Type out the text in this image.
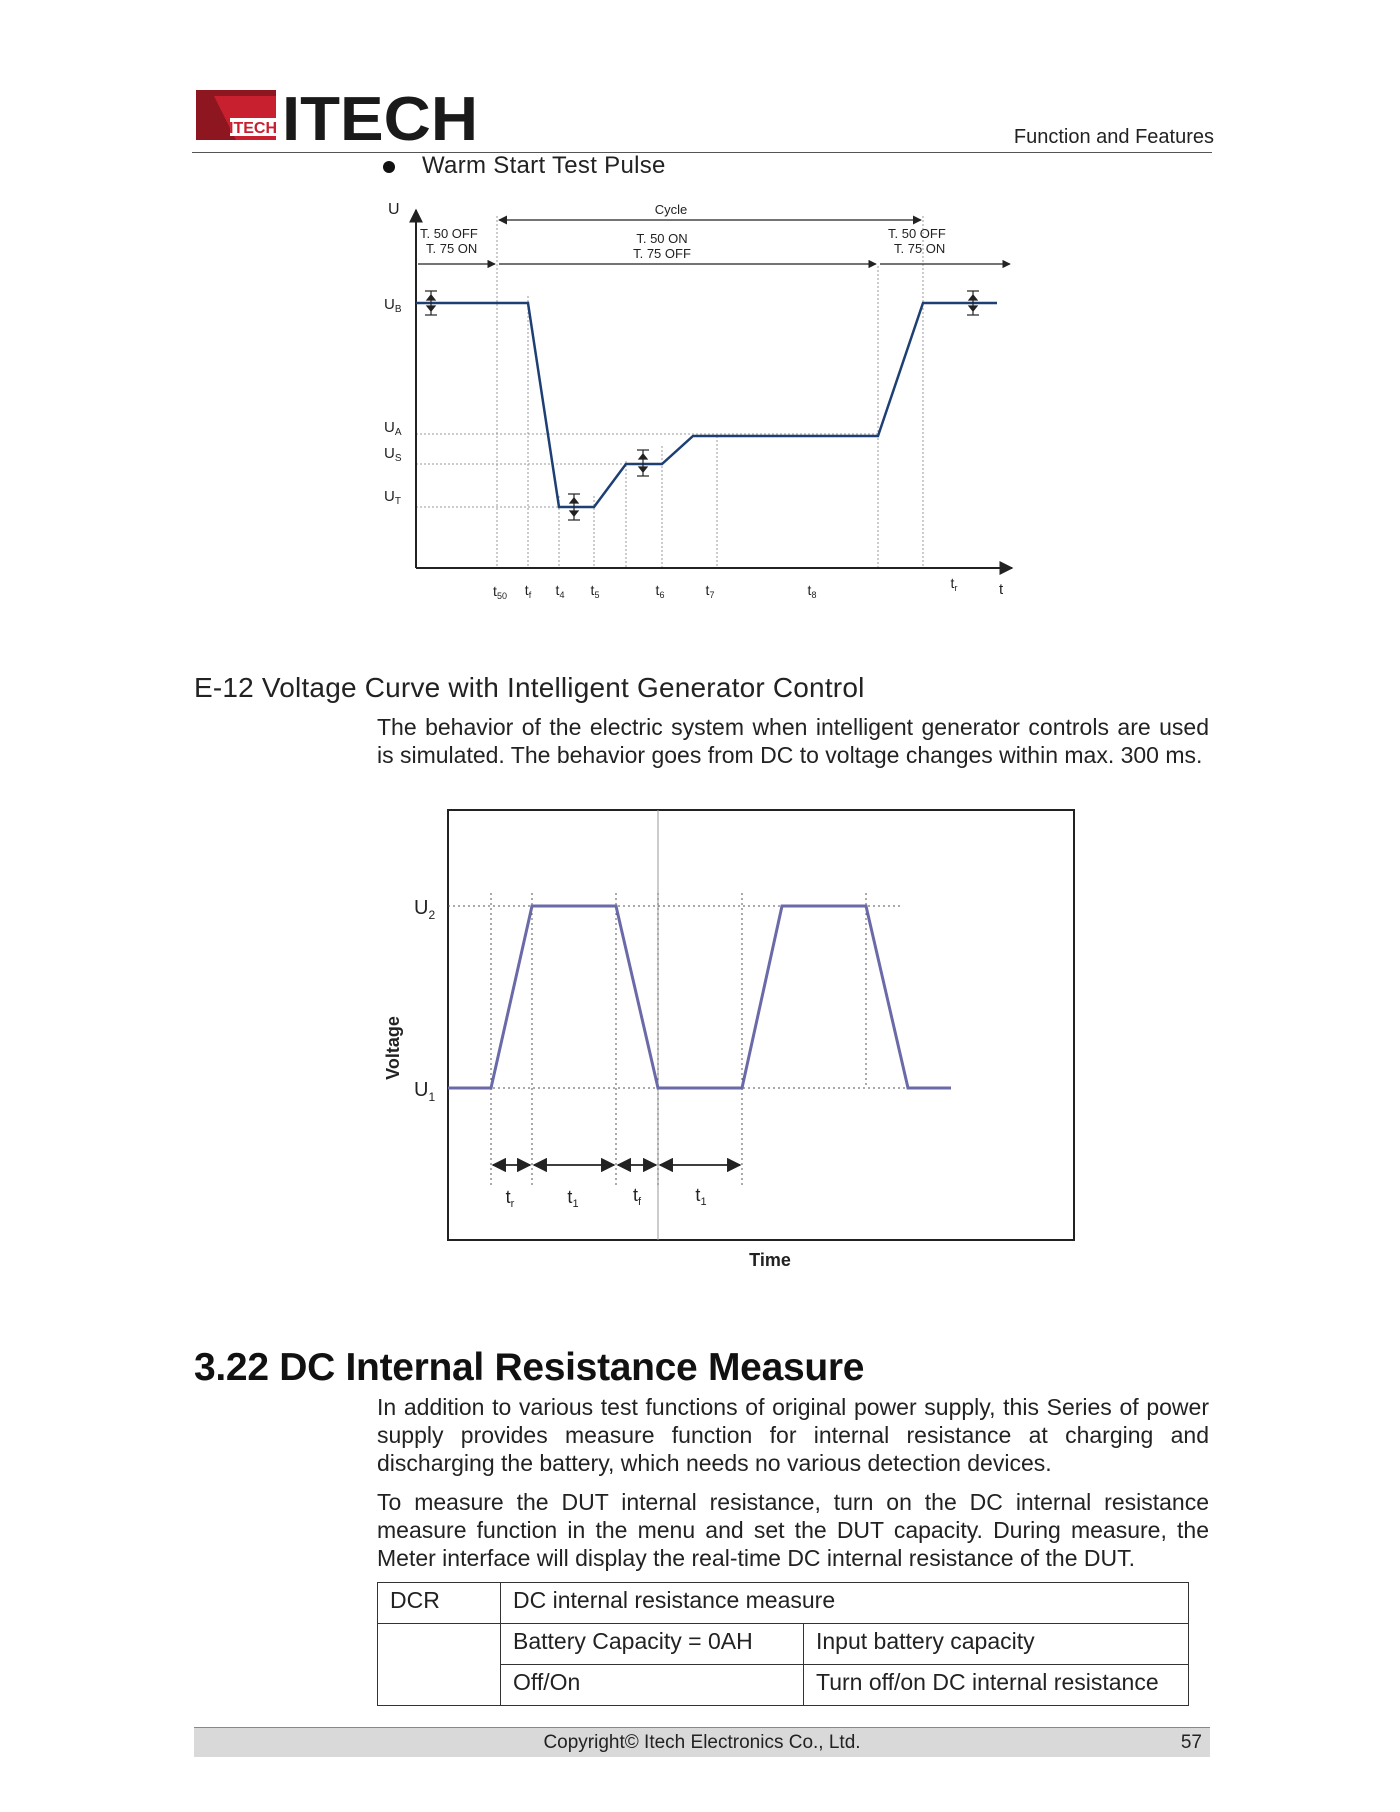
ITECH ITECH	Function and Features
Warm Start Test Pulse
U
t
Cycle
T. 50 OFF
T. 75 ON
T. 50 ON
T. 75 OFF
T. 50 OFF
T. 75 ON
$U_B$
$U_A$
$U_S$
$U_T$
$t_{50}$ $t_f$ $t_4$ $t_5$	$t_6$	$t_7$	$t_8$
$t_r$
E-12 Voltage Curve with Intelligent Generator Control
The behavior of the electric system when intelligent generator controls are used is simulated. The behavior goes from DC to voltage changes within max. 300 ms.
$t_r$	$t_1$	$t_f$	$t_1$
$U_2$
$U_1$
Voltage
Time
3.22 DC Internal Resistance Measure
In addition to various test functions of original power supply, this Series of power supply provides measure function for internal resistance at charging and discharging the battery, which needs no various detection devices.
To measure the DUT internal resistance, turn on the DC internal resistance measure function in the menu and set the DUT capacity. During measure, the Meter interface will display the real-time DC internal resistance of the DUT.
DCR	DC internal resistance measure	
	Battery Capacity = 0AH	Input battery capacity
	Off/On	Turn off/on DC internal resistance
Copyright© Itech Electronics Co., Ltd.	57
